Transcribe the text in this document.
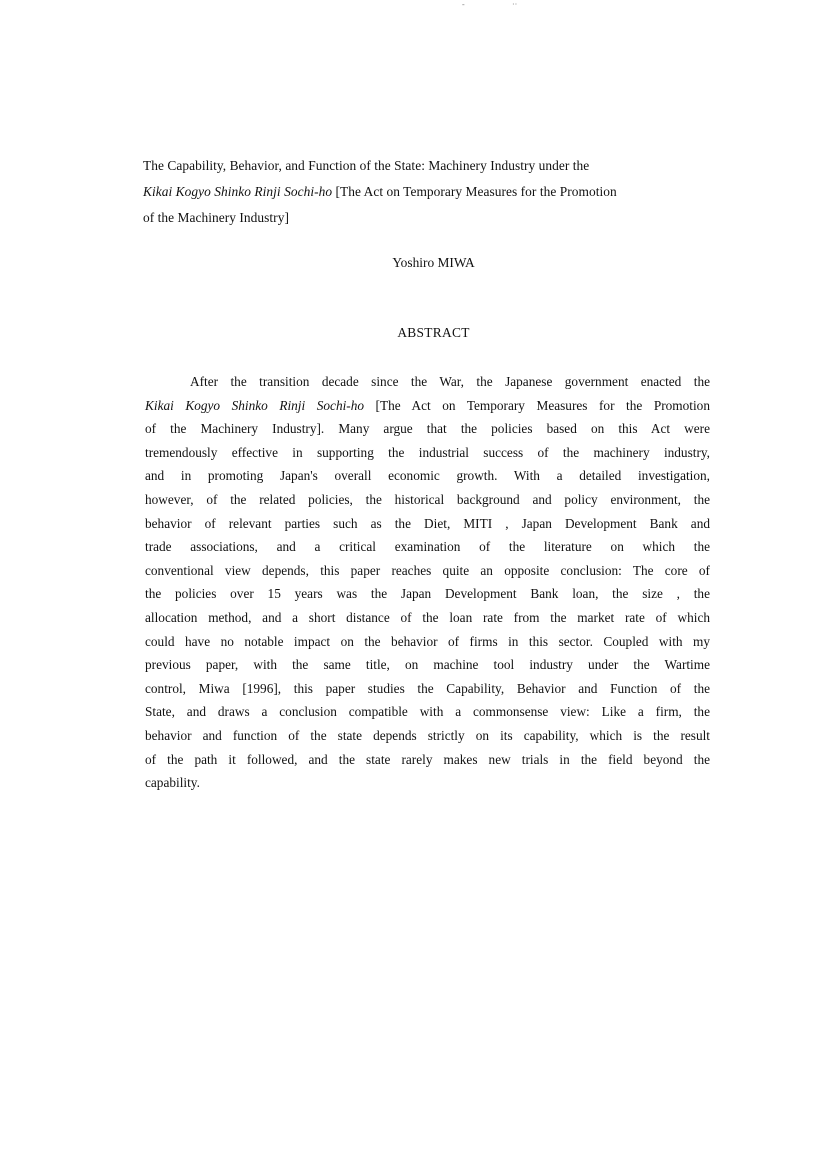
-	··
The Capability, Behavior, and Function of the State: Machinery Industry under the
Kikai Kogyo Shinko Rinji Sochi-ho [The Act on Temporary Measures for the Promotion
of the Machinery Industry]
Yoshiro MIWA
ABSTRACT
After the transition decade since the War, the Japanese government enacted the
Kikai Kogyo Shinko Rinji Sochi-ho [The Act on Temporary Measures for the Promotion
of the Machinery Industry]. Many argue that the policies based on this Act were
tremendously effective in supporting the industrial success of the machinery industry,
and in promoting Japan's overall economic growth. With a detailed investigation,
however, of the related policies, the historical background and policy environment, the
behavior of relevant parties such as the Diet, MITI , Japan Development Bank and
trade associations, and a critical examination of the literature on which the
conventional view depends, this paper reaches quite an opposite conclusion: The core of
the policies over 15 years was the Japan Development Bank loan, the size , the
allocation method, and a short distance of the loan rate from the market rate of which
could have no notable impact on the behavior of firms in this sector. Coupled with my
previous paper, with the same title, on machine tool industry under the Wartime
control, Miwa [1996], this paper studies the Capability, Behavior and Function of the
State, and draws a conclusion compatible with a commonsense view: Like a firm, the
behavior and function of the state depends strictly on its capability, which is the result
of the path it followed, and the state rarely makes new trials in the field beyond the
capability.
